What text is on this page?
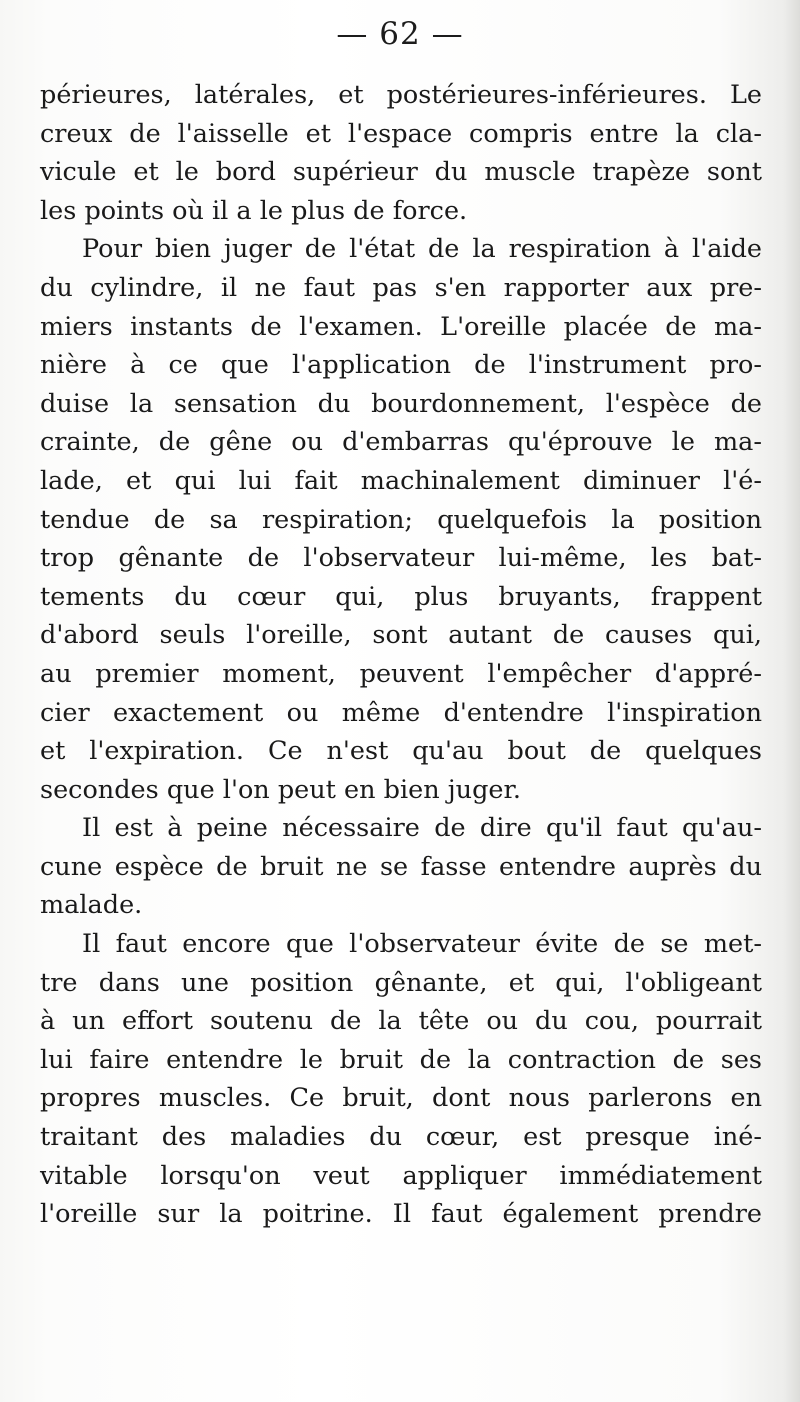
— 62 —
périeures, latérales, et postérieures-inférieures. Le
creux de l'aisselle et l'espace compris entre la cla-
vicule et le bord supérieur du muscle trapèze sont
les points où il a le plus de force.
Pour bien juger de l'état de la respiration à l'aide
du cylindre, il ne faut pas s'en rapporter aux pre-
miers instants de l'examen. L'oreille placée de ma-
nière à ce que l'application de l'instrument pro-
duise la sensation du bourdonnement, l'espèce de
crainte, de gêne ou d'embarras qu'éprouve le ma-
lade, et qui lui fait machinalement diminuer l'é-
tendue de sa respiration; quelquefois la position
trop gênante de l'observateur lui-même, les bat-
tements du cœur qui, plus bruyants, frappent
d'abord seuls l'oreille, sont autant de causes qui,
au premier moment, peuvent l'empêcher d'appré-
cier exactement ou même d'entendre l'inspiration
et l'expiration. Ce n'est qu'au bout de quelques
secondes que l'on peut en bien juger.
Il est à peine nécessaire de dire qu'il faut qu'au-
cune espèce de bruit ne se fasse entendre auprès du
malade.
Il faut encore que l'observateur évite de se met-
tre dans une position gênante, et qui, l'obligeant
à un effort soutenu de la tête ou du cou, pourrait
lui faire entendre le bruit de la contraction de ses
propres muscles. Ce bruit, dont nous parlerons en
traitant des maladies du cœur, est presque iné-
vitable lorsqu'on veut appliquer immédiatement
l'oreille sur la poitrine. Il faut également prendre
